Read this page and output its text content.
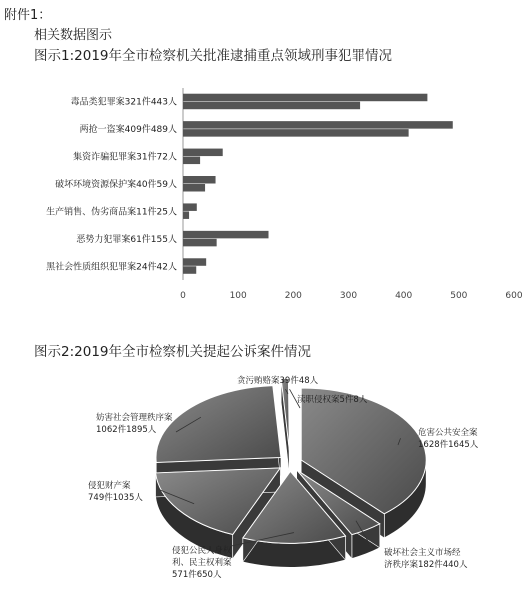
附件1：
相关数据图示
图示1:2019年全市检察机关批准逮捕重点领域刑事犯罪情况
图示2:2019年全市检察机关提起公诉案件情况
毒品类犯罪案321件443人
两抢一盗案409件489人
集资诈骗犯罪案31件72人
破坏环境资源保护案40件59人
生产销售、伪劣商品案11件25人
恶势力犯罪案61件155人
黑社会性质组织犯罪案24件42人
0	100	200	300	400	500	600
危害公共安全案
1628件1645人
破坏社会主义市场经
济秩序案182件440人
侵犯公民人身权
利、民主权利案
571件650人
侵犯财产案
749件1035人
妨害社会管理秩序案
1062件1895人
贪污贿赂案39件48人
渎职侵权案5件8人
